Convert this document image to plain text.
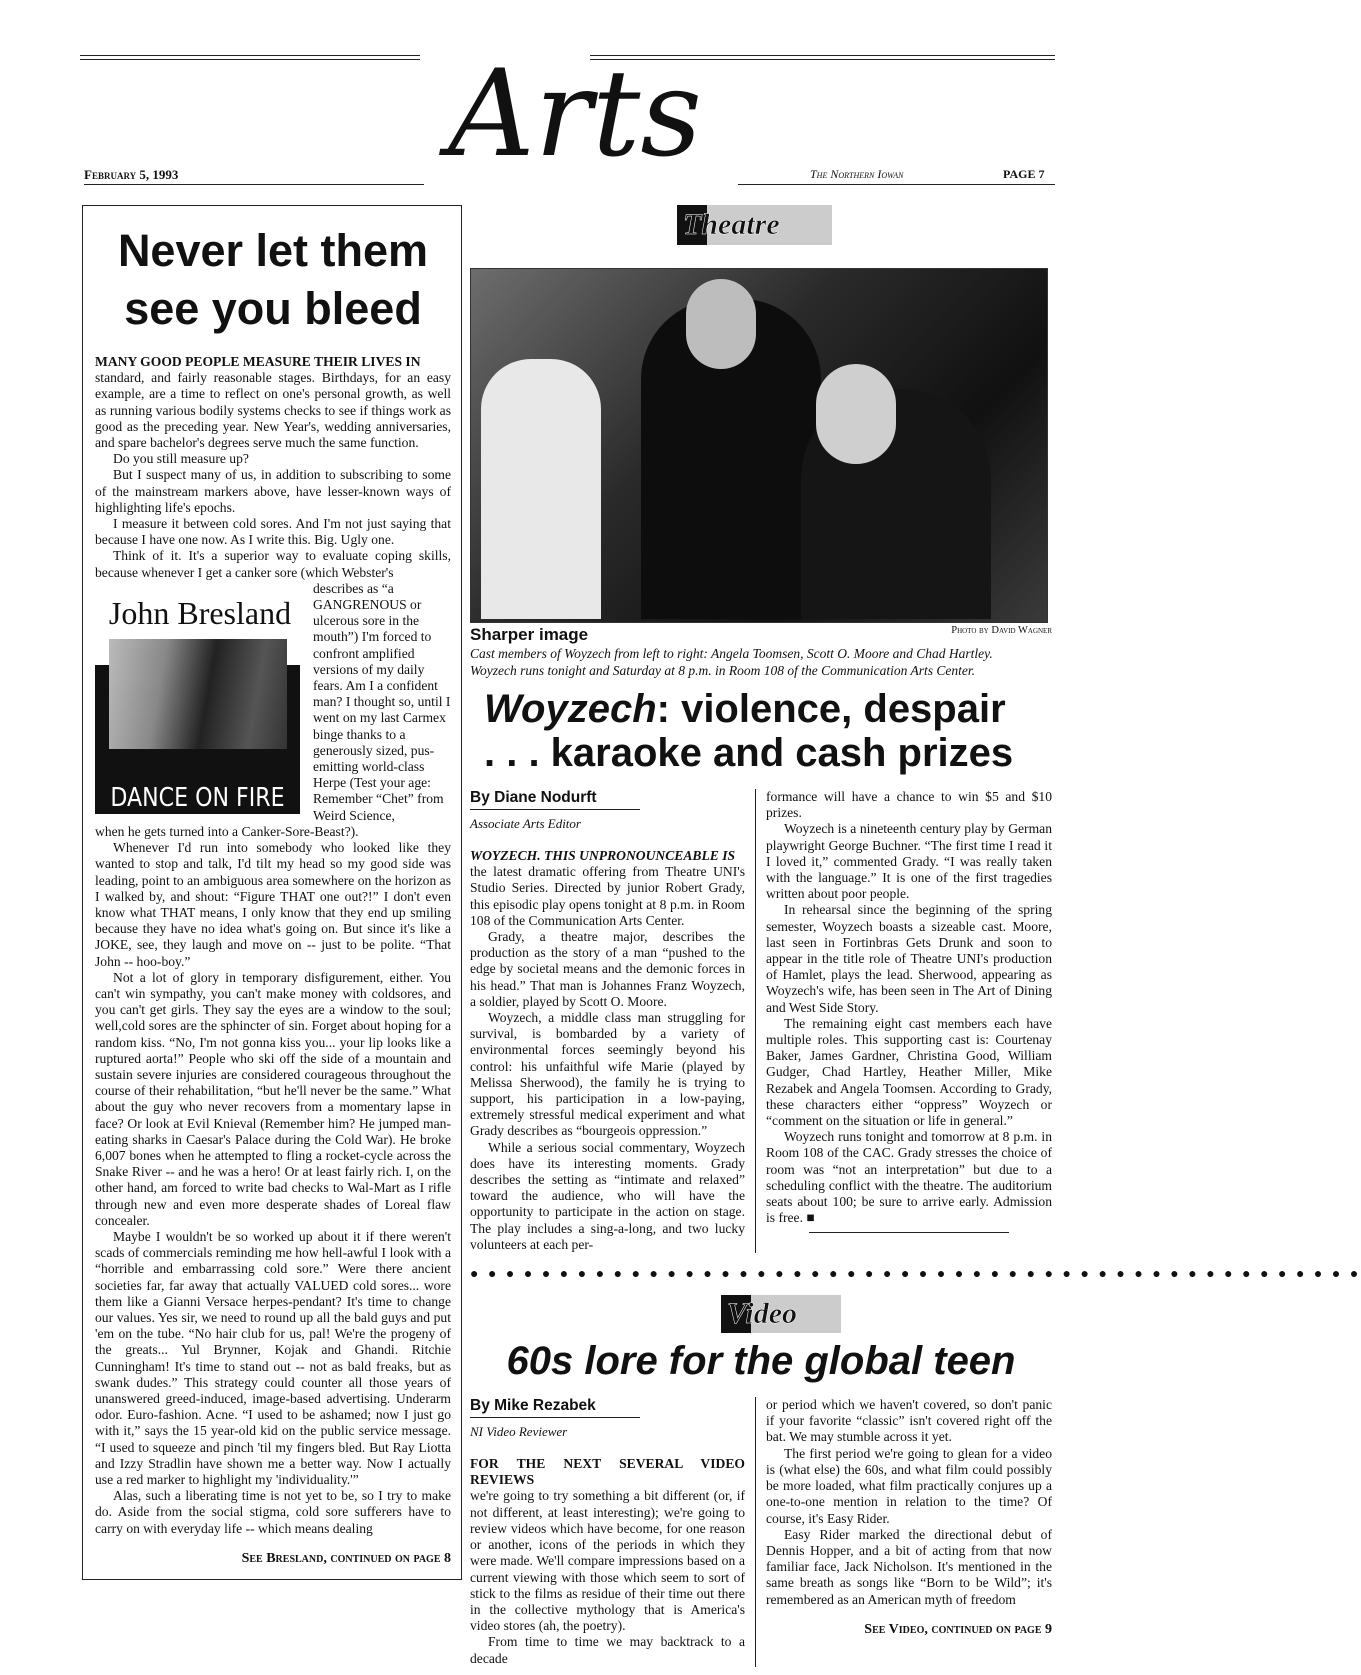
Arts
February 5, 1993	The Northern Iowan	PAGE 7
Never let them see you bleed

MANY GOOD PEOPLE MEASURE THEIR LIVES IN

standard, and fairly reasonable stages. Birthdays, for an easy example, are a time to reflect on one's personal growth, as well as running various bodily systems checks to see if things work as good as the preceding year. New Year's, wedding anniversaries, and spare bachelor's degrees serve much the same function.

Do you still measure up?

But I suspect many of us, in addition to subscribing to some of the mainstream markers above, have lesser-known ways of highlighting life's epochs.

I measure it between cold sores. And I'm not just saying that because I have one now. As I write this. Big. Ugly one.

Think of it. It's a superior way to evaluate coping skills, because whenever I get a canker sore (which Webster's

John Bresland
DANCE ON FIRE

describes as “a GANGRENOUS or ulcerous sore in the mouth”) I'm forced to confront amplified versions of my daily fears. Am I a confident man? I thought so, until I went on my last Carmex binge thanks to a generously sized, pus-emitting world-class Herpe (Test your age: Remember “Chet” from Weird Science,

when he gets turned into a Canker-Sore-Beast?).

Whenever I'd run into somebody who looked like they wanted to stop and talk, I'd tilt my head so my good side was leading, point to an ambiguous area somewhere on the horizon as I walked by, and shout: “Figure THAT one out?!” I don't even know what THAT means, I only know that they end up smiling because they have no idea what's going on. But since it's like a JOKE, see, they laugh and move on -- just to be polite. “That John -- hoo-boy.”

Not a lot of glory in temporary disfigurement, either. You can't win sympathy, you can't make money with coldsores, and you can't get girls. They say the eyes are a window to the soul; well,cold sores are the sphincter of sin. Forget about hoping for a random kiss. “No, I'm not gonna kiss you... your lip looks like a ruptured aorta!” People who ski off the side of a mountain and sustain severe injuries are considered courageous throughout the course of their rehabilitation, “but he'll never be the same.” What about the guy who never recovers from a momentary lapse in face? Or look at Evil Knieval (Remember him? He jumped man-eating sharks in Caesar's Palace during the Cold War). He broke 6,007 bones when he attempted to fling a rocket-cycle across the Snake River -- and he was a hero! Or at least fairly rich. I, on the other hand, am forced to write bad checks to Wal-Mart as I rifle through new and even more desperate shades of Loreal flaw concealer.

Maybe I wouldn't be so worked up about it if there weren't scads of commercials reminding me how hell-awful I look with a “horrible and embarrassing cold sore.” Were there ancient societies far, far away that actually VALUED cold sores... wore them like a Gianni Versace herpes-pendant? It's time to change our values. Yes sir, we need to round up all the bald guys and put 'em on the tube. “No hair club for us, pal! We're the progeny of the greats... Yul Brynner, Kojak and Ghandi. Ritchie Cunningham! It's time to stand out -- not as bald freaks, but as swank dudes.” This strategy could counter all those years of unanswered greed-induced, image-based advertising. Underarm odor. Euro-fashion. Acne. “I used to be ashamed; now I just go with it,” says the 15 year-old kid on the public service message. “I used to squeeze and pinch 'til my fingers bled. But Ray Liotta and Izzy Stradlin have shown me a better way. Now I actually use a red marker to highlight my 'individuality.'”

Alas, such a liberating time is not yet to be, so I try to make do. Aside from the social stigma, cold sore sufferers have to carry on with everyday life -- which means dealing

See Bresland, continued on page 8
Theatre
Sharper image	Photo by David Wagner
Cast members of Woyzech from left to right: Angela Toomsen, Scott O. Moore and Chad Hartley.
Woyzech runs tonight and Saturday at 8 p.m. in Room 108 of the Communication Arts Center.
Woyzech: violence, despair
. . . karaoke and cash prizes
By Diane Nodurft
Associate Arts Editor

WOYZECH. THIS UNPRONOUNCEABLE IS

the latest dramatic offering from Theatre UNI's Studio Series. Directed by junior Robert Grady, this episodic play opens tonight at 8 p.m. in Room 108 of the Communication Arts Center.

Grady, a theatre major, describes the production as the story of a man “pushed to the edge by societal means and the demonic forces in his head.” That man is Johannes Franz Woyzech, a soldier, played by Scott O. Moore.

Woyzech, a middle class man struggling for survival, is bombarded by a variety of environmental forces seemingly beyond his control: his unfaithful wife Marie (played by Melissa Sherwood), the family he is trying to support, his participation in a low-paying, extremely stressful medical experiment and what Grady describes as “bourgeois oppression.”

While a serious social commentary, Woyzech does have its interesting moments. Grady describes the setting as “intimate and relaxed” toward the audience, who will have the opportunity to participate in the action on stage. The play includes a sing-a-long, and two lucky volunteers at each per-

formance will have a chance to win $5 and $10 prizes.

Woyzech is a nineteenth century play by German playwright George Buchner. “The first time I read it I loved it,” commented Grady. “I was really taken with the language.” It is one of the first tragedies written about poor people.

In rehearsal since the beginning of the spring semester, Woyzech boasts a sizeable cast. Moore, last seen in Fortinbras Gets Drunk and soon to appear in the title role of Theatre UNI's production of Hamlet, plays the lead. Sherwood, appearing as Woyzech's wife, has been seen in The Art of Dining and West Side Story.

The remaining eight cast members each have multiple roles. This supporting cast is: Courtenay Baker, James Gardner, Christina Good, William Gudger, Chad Hartley, Heather Miller, Mike Rezabek and Angela Toomsen. According to Grady, these characters either “oppress” Woyzech or “comment on the situation or life in general.”

Woyzech runs tonight and tomorrow at 8 p.m. in Room 108 of the CAC. Grady stresses the choice of room was “not an interpretation” but due to a scheduling conflict with the theatre. The auditorium seats about 100; be sure to arrive early. Admission is free. ■

● ● ● ● ● ● ● ● ● ● ● ● ● ● ● ● ● ● ● ● ● ● ● ● ● ● ● ● ● ● ● ● ● ● ● ● ● ● ● ● ● ● ● ● ● ● ● ● ● ●
Video
60s lore for the global teen
By Mike Rezabek
NI Video Reviewer

FOR THE NEXT SEVERAL VIDEO REVIEWS

we're going to try something a bit different (or, if not different, at least interesting); we're going to review videos which have become, for one reason or another, icons of the periods in which they were made. We'll compare impressions based on a current viewing with those which seem to sort of stick to the films as residue of their time out there in the collective mythology that is America's video stores (ah, the poetry).

From time to time we may backtrack to a decade

or period which we haven't covered, so don't panic if your favorite “classic” isn't covered right off the bat. We may stumble across it yet.

The first period we're going to glean for a video is (what else) the 60s, and what film could possibly be more loaded, what film practically conjures up a one-to-one mention in relation to the time? Of course, it's Easy Rider.

Easy Rider marked the directional debut of Dennis Hopper, and a bit of acting from that now familiar face, Jack Nicholson. It's mentioned in the same breath as songs like “Born to be Wild”; it's remembered as an American myth of freedom

See Video, continued on page 9
